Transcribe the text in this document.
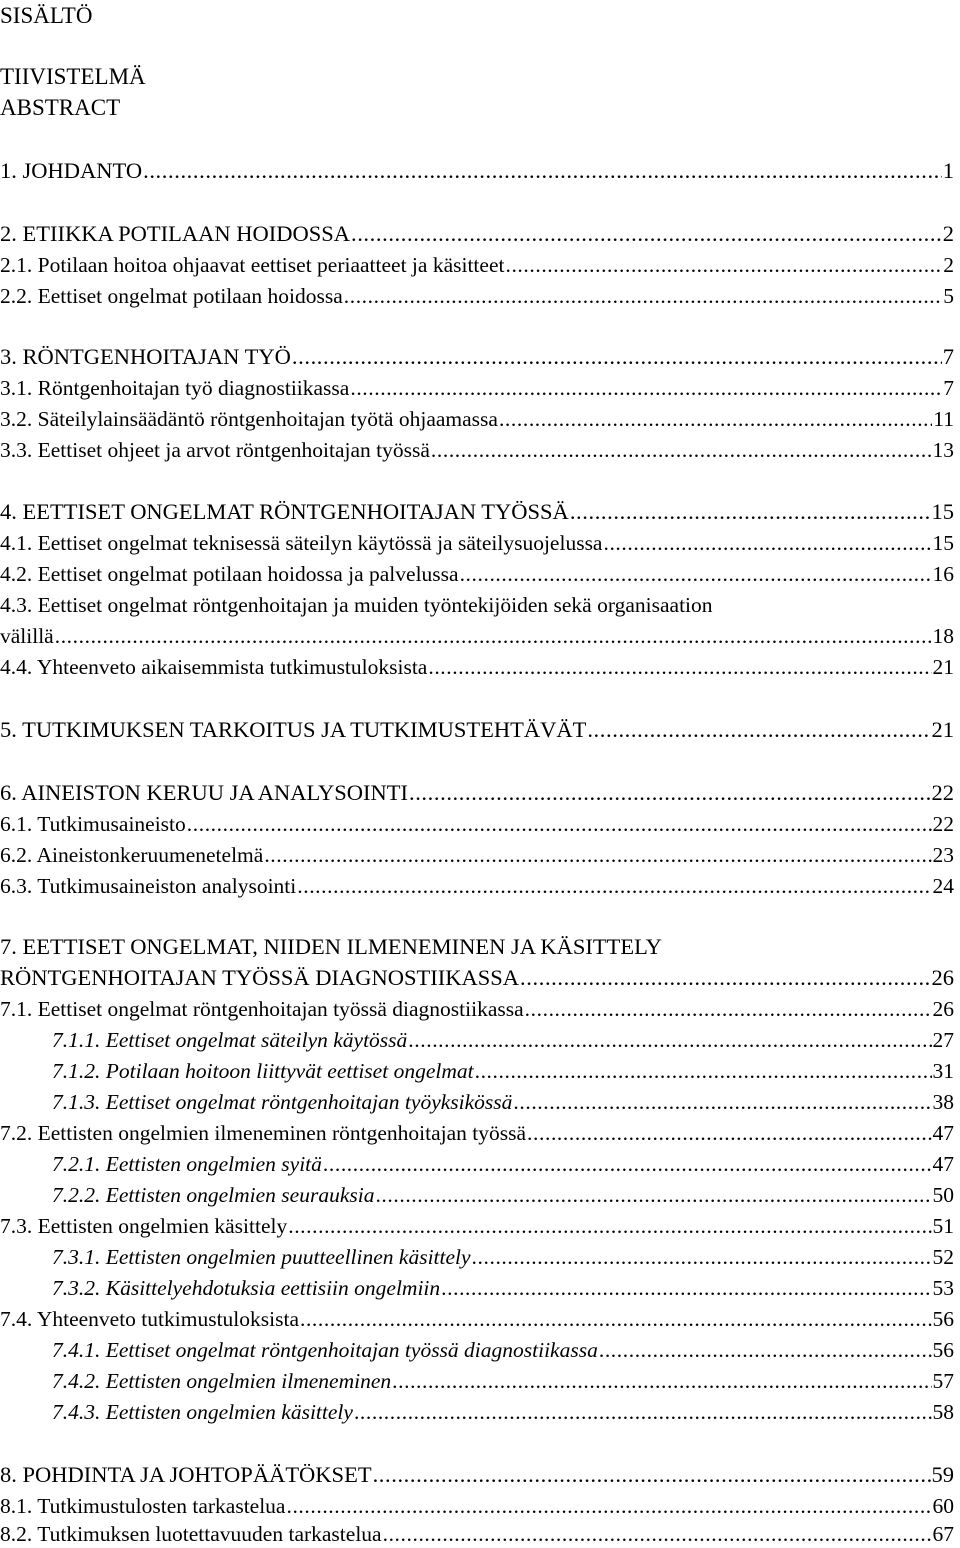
SISÄLTÖ
TIIVISTELMÄ
ABSTRACT
1. JOHDANTO .....	1
2. ETIIKKA POTILAAN HOIDOSSA .....	2
2.1. Potilaan hoitoa ohjaavat eettiset periaatteet ja käsitteet .....	2
2.2. Eettiset ongelmat potilaan hoidossa .....	5
3. RÖNTGENHOITAJAN TYÖ .....	7
3.1. Röntgenhoitajan työ diagnostiikassa .....	7
3.2. Säteilylainsäädäntö röntgenhoitajan työtä ohjaamassa .....	11
3.3. Eettiset ohjeet ja arvot röntgenhoitajan työssä .....	13
4. EETTISET ONGELMAT RÖNTGENHOITAJAN TYÖSSÄ .....	15
4.1. Eettiset ongelmat teknisessä säteilyn käytössä ja säteilysuojelussa .....	15
4.2. Eettiset ongelmat potilaan hoidossa ja palvelussa .....	16
4.3. Eettiset ongelmat röntgenhoitajan ja muiden työntekijöiden sekä organisaation
välillä .....	18
4.4. Yhteenveto aikaisemmista tutkimustuloksista .....	21
5. TUTKIMUKSEN TARKOITUS JA TUTKIMUSTEHTÄVÄT .....	21
6. AINEISTON KERUU JA ANALYSOINTI .....	22
6.1. Tutkimusaineisto .....	22
6.2. Aineistonkeruumenetelmä .....	23
6.3. Tutkimusaineiston analysointi .....	24
7. EETTISET ONGELMAT, NIIDEN ILMENEMINEN JA KÄSITTELY
RÖNTGENHOITAJAN TYÖSSÄ DIAGNOSTIIKASSA .....	26
7.1. Eettiset ongelmat röntgenhoitajan työssä diagnostiikassa .....	26
7.1.1. Eettiset ongelmat säteilyn käytössä .....	27
7.1.2. Potilaan hoitoon liittyvät eettiset ongelmat .....	31
7.1.3. Eettiset ongelmat röntgenhoitajan työyksikössä .....	38
7.2. Eettisten ongelmien ilmeneminen röntgenhoitajan työssä .....	47
7.2.1. Eettisten ongelmien syitä .....	47
7.2.2. Eettisten ongelmien seurauksia .....	50
7.3. Eettisten ongelmien käsittely .....	51
7.3.1. Eettisten ongelmien puutteellinen käsittely .....	52
7.3.2. Käsittelyehdotuksia eettisiin ongelmiin .....	53
7.4. Yhteenveto tutkimustuloksista .....	56
7.4.1. Eettiset ongelmat röntgenhoitajan työssä diagnostiikassa .....	56
7.4.2. Eettisten ongelmien ilmeneminen .....	57
7.4.3. Eettisten ongelmien käsittely .....	58
8. POHDINTA JA JOHTOPÄÄTÖKSET .....	59
8.1. Tutkimustulosten tarkastelua .....	60
8.2. Tutkimuksen luotettavuuden tarkastelua .....	67
